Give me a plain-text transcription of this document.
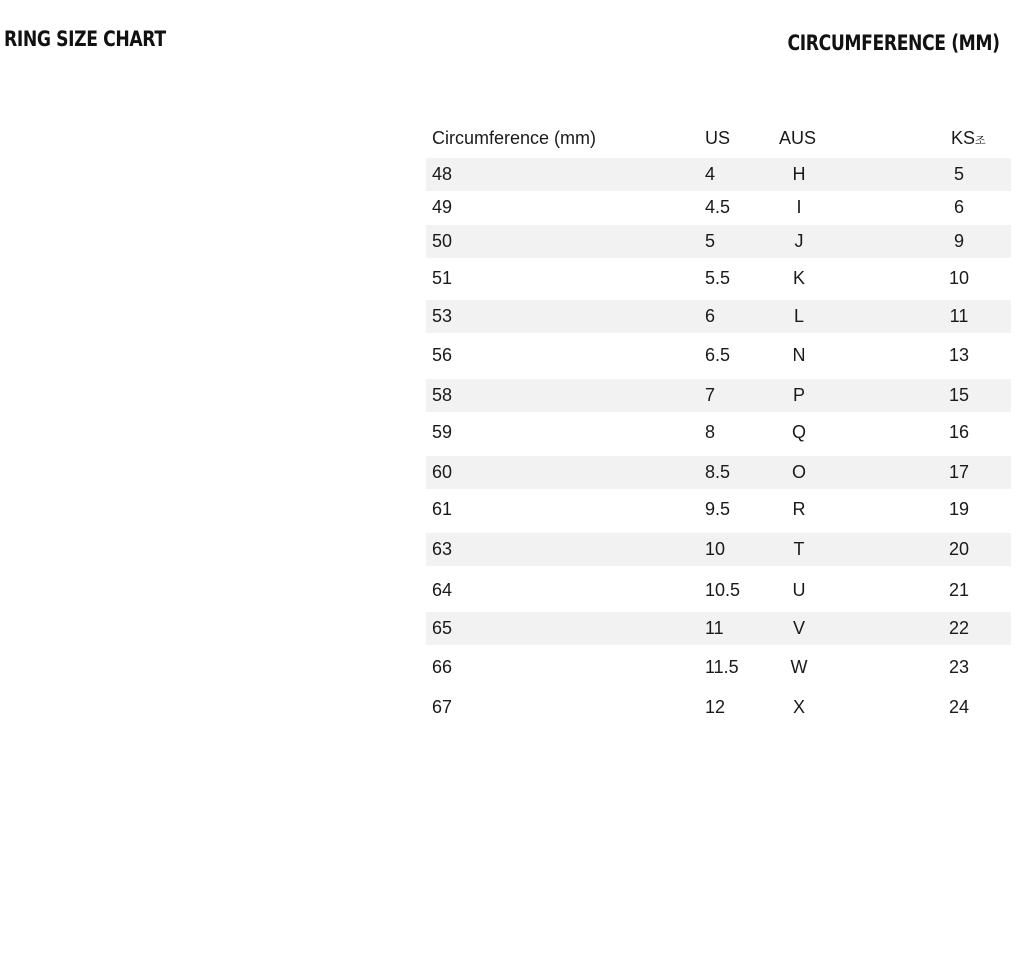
RING SIZE CHART	CIRCUMFERENCE (MM)
Circumference (mm)	US	AUS	KS조
48	4	H	5
49	4.5	I	6
50	5	J	9
51	5.5	K	10
53	6	L	11
56	6.5	N	13
58	7	P	15
59	8	Q	16
60	8.5	O	17
61	9.5	R	19
63	10	T	20
64	10.5	U	21
65	11	V	22
66	11.5	W	23
67	12	X	24
